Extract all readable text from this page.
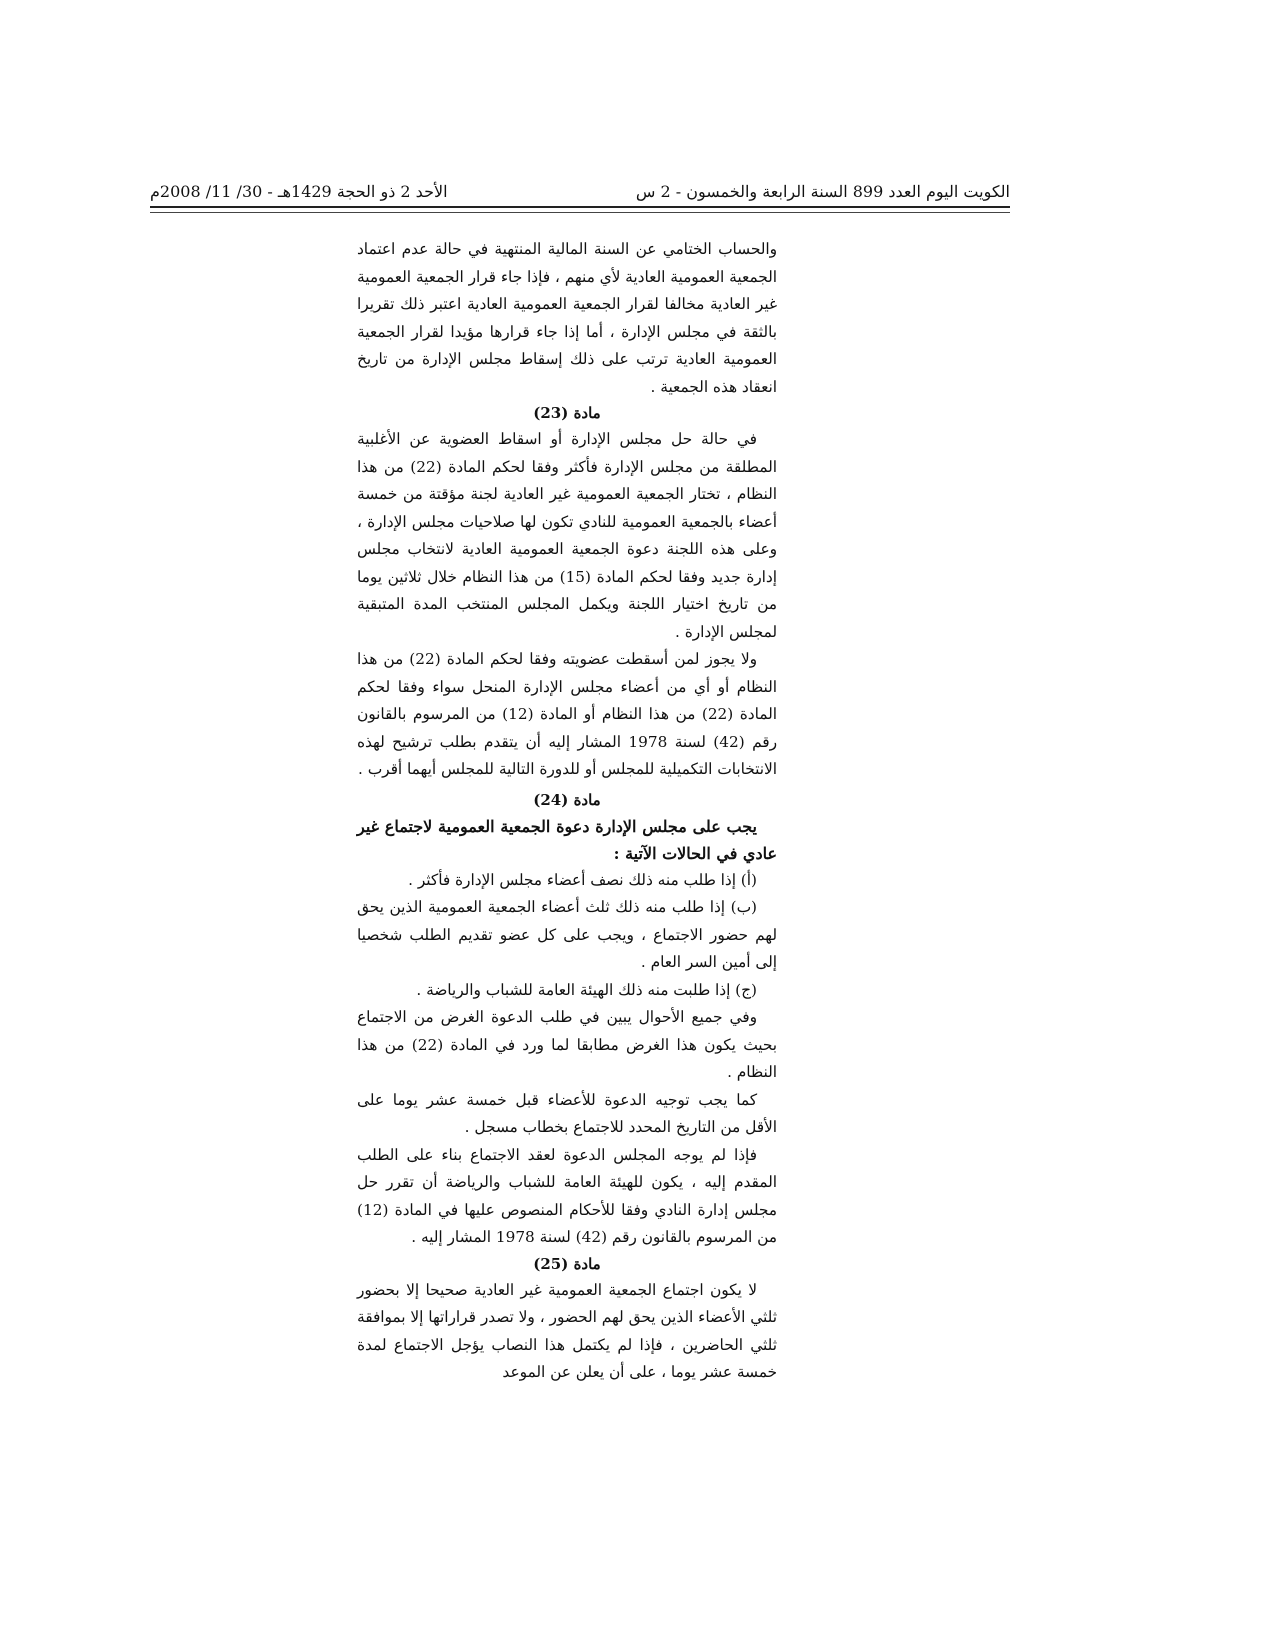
الكويت اليوم العدد 899 السنة الرابعة والخمسون - 2 س
الأحد 2 ذو الحجة 1429هـ - 30/ 11/ 2008م

والحساب الختامي عن السنة المالية المنتهية في حالة عدم اعتماد الجمعية العمومية العادية لأي منهم ، فإذا جاء قرار الجمعية العمومية غير العادية مخالفا لقرار الجمعية العمومية العادية اعتبر ذلك تقريرا بالثقة في مجلس الإدارة ، أما إذا جاء قرارها مؤيدا لقرار الجمعية العمومية العادية ترتب على ذلك إسقاط مجلس الإدارة من تاريخ انعقاد هذه الجمعية .

مادة (23)

في حالة حل مجلس الإدارة أو اسقاط العضوية عن الأغلبية المطلقة من مجلس الإدارة فأكثر وفقا لحكم المادة (22) من هذا النظام ، تختار الجمعية العمومية غير العادية لجنة مؤقتة من خمسة أعضاء بالجمعية العمومية للنادي تكون لها صلاحيات مجلس الإدارة ، وعلى هذه اللجنة دعوة الجمعية العمومية العادية لانتخاب مجلس إدارة جديد وفقا لحكم المادة (15) من هذا النظام خلال ثلاثين يوما من تاريخ اختيار اللجنة ويكمل المجلس المنتخب المدة المتبقية لمجلس الإدارة .

ولا يجوز لمن أسقطت عضويته وفقا لحكم المادة (22) من هذا النظام أو أي من أعضاء مجلس الإدارة المنحل سواء وفقا لحكم المادة (22) من هذا النظام أو المادة (12) من المرسوم بالقانون رقم (42) لسنة 1978 المشار إليه أن يتقدم بطلب ترشيح لهذه الانتخابات التكميلية للمجلس أو للدورة التالية للمجلس أيهما أقرب .

مادة (24)

يجب على مجلس الإدارة دعوة الجمعية العمومية لاجتماع غير عادي في الحالات الآتية :

(أ) إذا طلب منه ذلك نصف أعضاء مجلس الإدارة فأكثر .

(ب) إذا طلب منه ذلك ثلث أعضاء الجمعية العمومية الذين يحق لهم حضور الاجتماع ، ويجب على كل عضو تقديم الطلب شخصيا إلى أمين السر العام .

(ج) إذا طلبت منه ذلك الهيئة العامة للشباب والرياضة .

وفي جميع الأحوال يبين في طلب الدعوة الغرض من الاجتماع بحيث يكون هذا الغرض مطابقا لما ورد في المادة (22) من هذا النظام .

كما يجب توجيه الدعوة للأعضاء قبل خمسة عشر يوما على الأقل من التاريخ المحدد للاجتماع بخطاب مسجل .

فإذا لم يوجه المجلس الدعوة لعقد الاجتماع بناء على الطلب المقدم إليه ، يكون للهيئة العامة للشباب والرياضة أن تقرر حل مجلس إدارة النادي وفقا للأحكام المنصوص عليها في المادة (12) من المرسوم بالقانون رقم (42) لسنة 1978 المشار إليه .

مادة (25)

لا يكون اجتماع الجمعية العمومية غير العادية صحيحا إلا بحضور ثلثي الأعضاء الذين يحق لهم الحضور ، ولا تصدر قراراتها إلا بموافقة ثلثي الحاضرين ، فإذا لم يكتمل هذا النصاب يؤجل الاجتماع لمدة خمسة عشر يوما ، على أن يعلن عن الموعد
